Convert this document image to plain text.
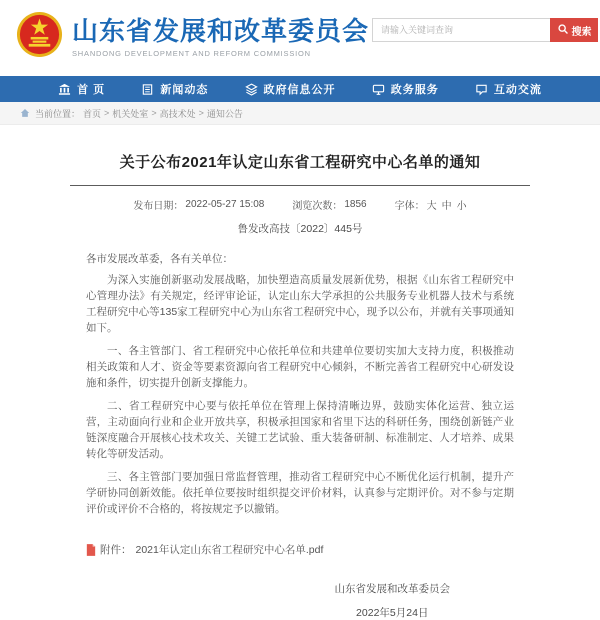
山东省发展和改革委员会
SHANDONG DEVELOPMENT AND REFORM COMMISSION
请输入关键词查询
搜索
首 页	新闻动态	政府信息公开	政务服务	互动交流
当前位置： 首页 > 机关处室 > 高技术处 > 通知公告
关于公布2021年认定山东省工程研究中心名单的通知
发布日期： 2022-05-27 15:08	浏览次数： 1856	字体： 大 中 小
鲁发改高技〔2022〕445号

各市发展改革委，各有关单位：

为深入实施创新驱动发展战略，加快塑造高质量发展新优势，根据《山东省工程研究中心管理办法》有关规定，经评审论证，认定山东大学承担的公共服务专业机器人技术与系统工程研究中心等135家工程研究中心为山东省工程研究中心，现予以公布，并就有关事项通知如下。

一、各主管部门、省工程研究中心依托单位和共建单位要切实加大支持力度，积极推动相关政策和人才、资金等要素资源向省工程研究中心倾斜，不断完善省工程研究中心研发设施和条件，切实提升创新支撑能力。

二、省工程研究中心要与依托单位在管理上保持清晰边界，鼓励实体化运营、独立运营，主动面向行业和企业开放共享，积极承担国家和省里下达的科研任务，围绕创新链产业链深度融合开展核心技术攻关、关键工艺试验、重大装备研制、标准制定、人才培养、成果转化等研发活动。

三、各主管部门要加强日常监督管理，推动省工程研究中心不断优化运行机制，提升产学研协同创新效能。依托单位要按时组织提交评价材料，认真参与定期评价。对不参与定期评价或评价不合格的，将按规定予以撤销。

附件： 2021年认定山东省工程研究中心名单.pdf
山东省发展和改革委员会
2022年5月24日
